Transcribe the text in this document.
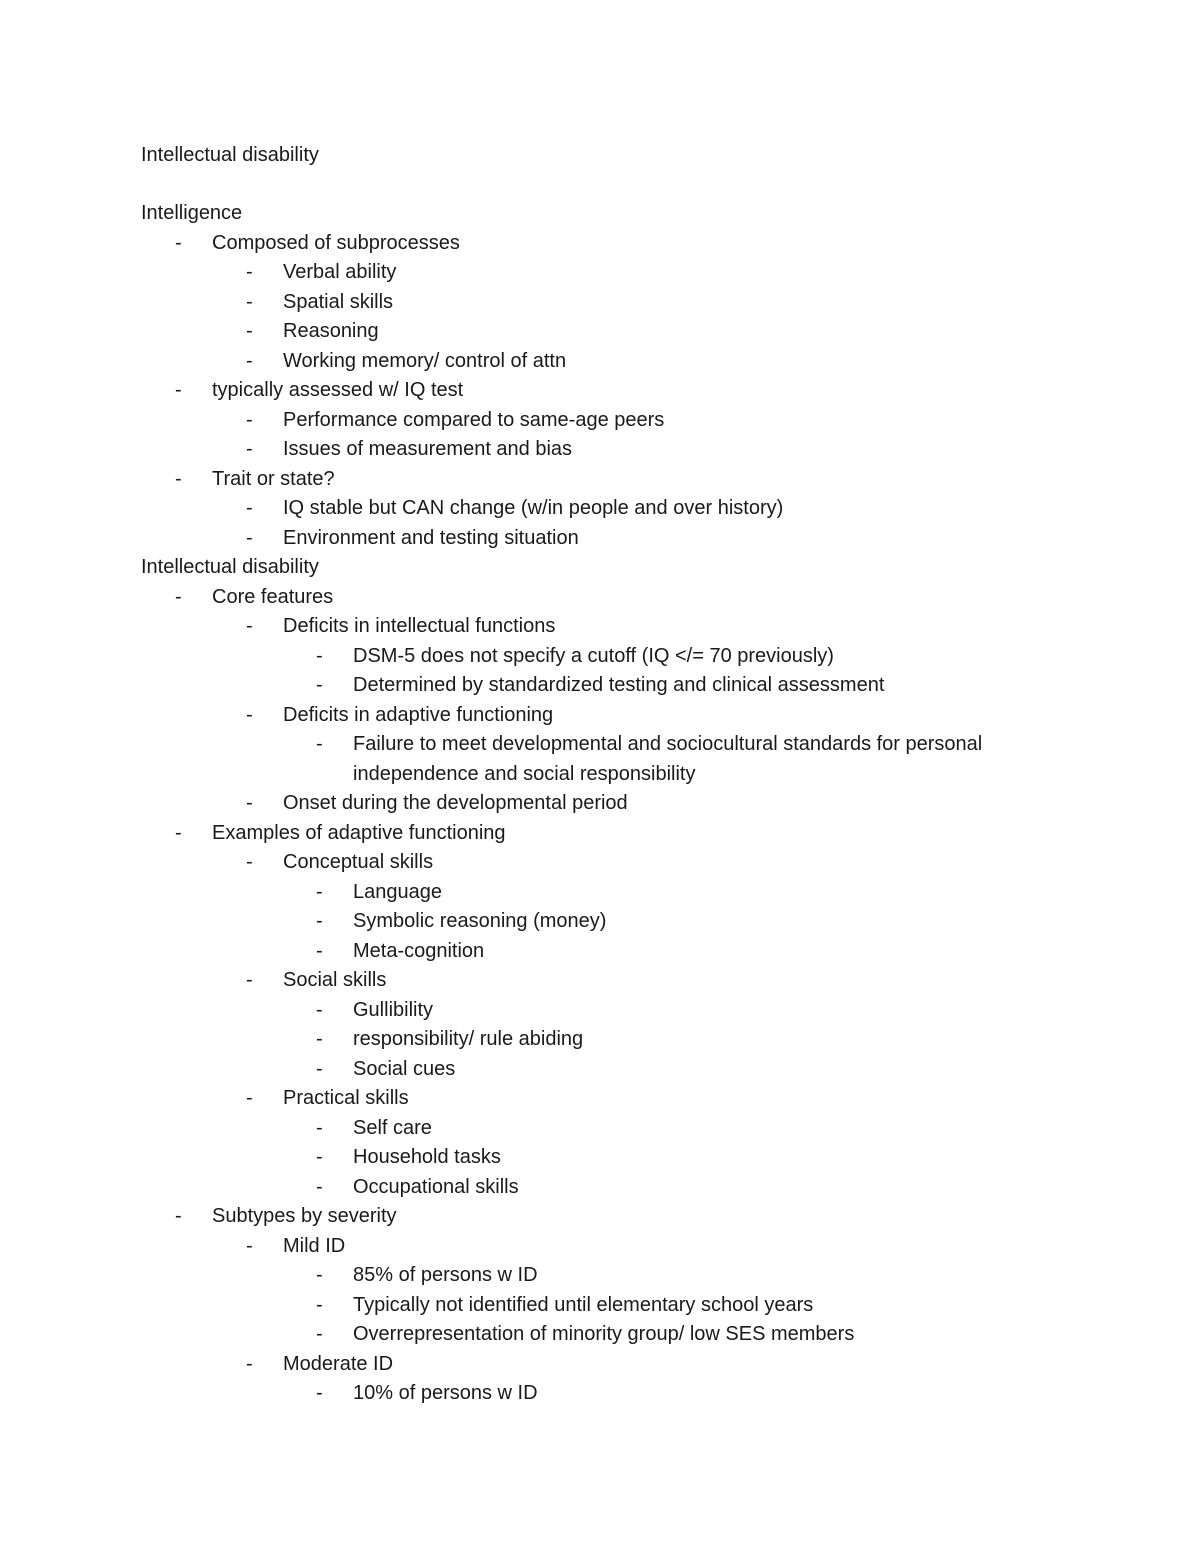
Intellectual disability
Intelligence
- Composed of subprocesses
- Verbal ability
- Spatial skills
- Reasoning
- Working memory/ control of attn
- typically assessed w/ IQ test
- Performance compared to same-age peers
- Issues of measurement and bias
- Trait or state?
- IQ stable but CAN change (w/in people and over history)
- Environment and testing situation
Intellectual disability
- Core features
- Deficits in intellectual functions
- DSM-5 does not specify a cutoff (IQ </= 70 previously)
- Determined by standardized testing and clinical assessment
- Deficits in adaptive functioning
- Failure to meet developmental and sociocultural standards for personal
independence and social responsibility
- Onset during the developmental period
- Examples of adaptive functioning
- Conceptual skills
- Language
- Symbolic reasoning (money)
- Meta-cognition
- Social skills
- Gullibility
- responsibility/ rule abiding
- Social cues
- Practical skills
- Self care
- Household tasks
- Occupational skills
- Subtypes by severity
- Mild ID
- 85% of persons w ID
- Typically not identified until elementary school years
- Overrepresentation of minority group/ low SES members
- Moderate ID
- 10% of persons w ID
